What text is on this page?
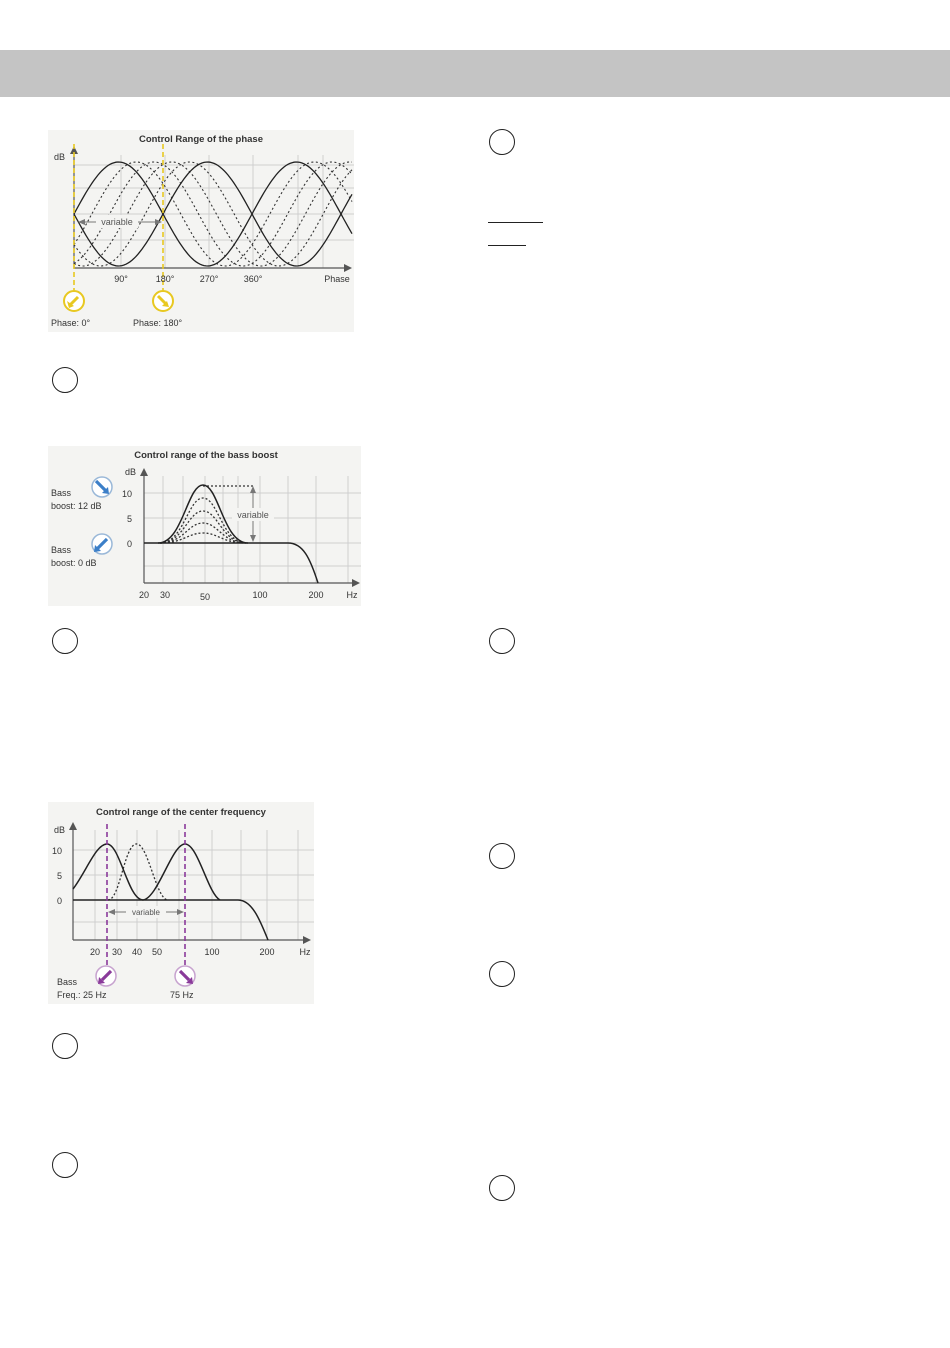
variable
Control Range of the phase
dB
90°	180°	270°	360°	Phase
Phase: 0°	Phase: 180°
variable
Control range of the bass boost
dB
10
5
0
20 30	50	100	200	Hz
Bass
boost: 12 dB
Bass
boost: 0 dB
variable
Control range of the center frequency
dB
10
5
0
20 30 40 50	100	200	Hz
Bass
Freq.: 25 Hz	75 Hz
